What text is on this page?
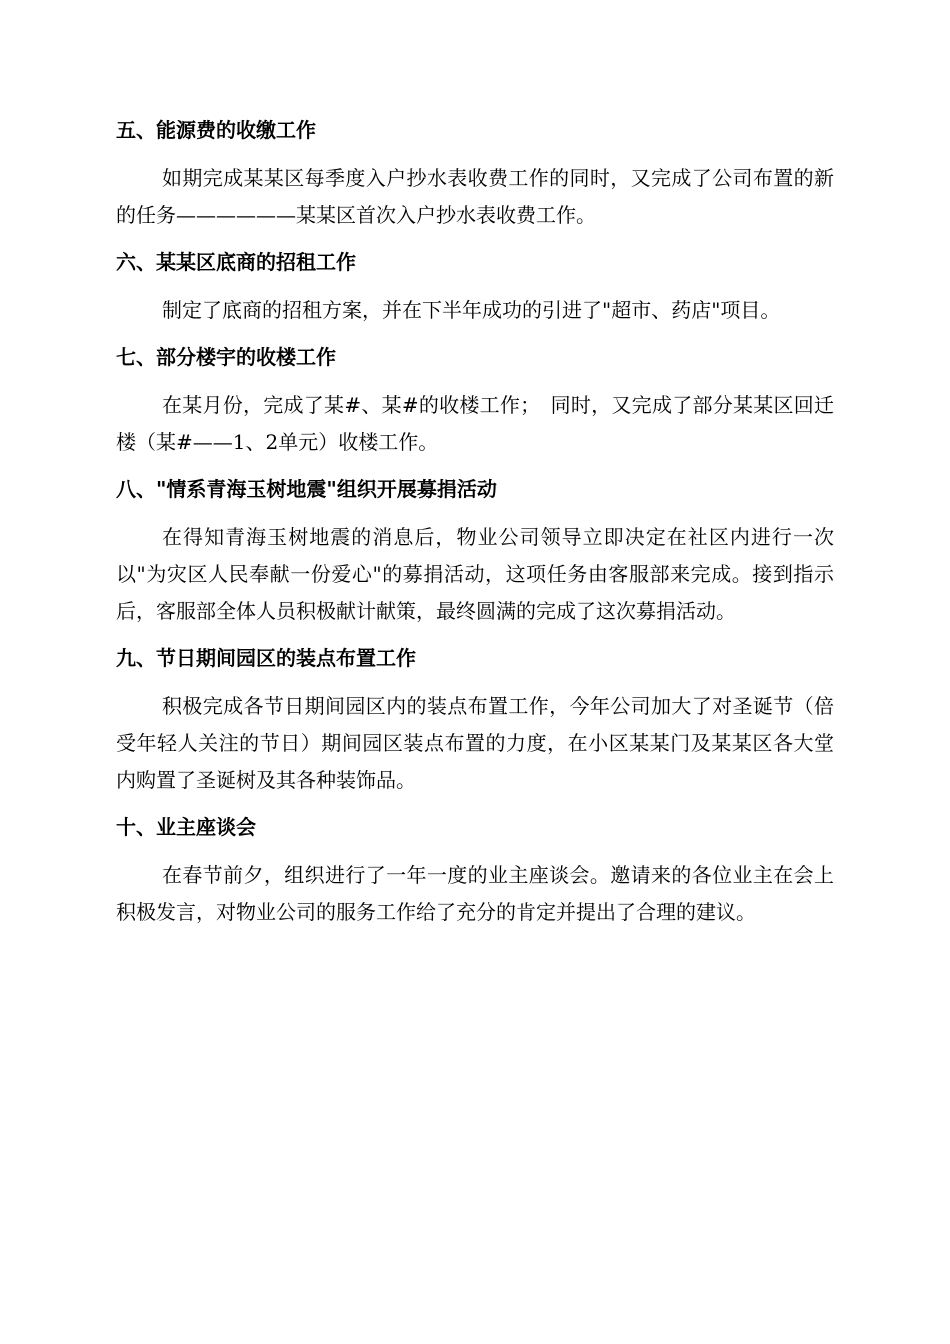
五、能源费的收缴工作

如期完成某某区每季度入户抄水表收费工作的同时，又完成了公司布置的新的任务——————某某区首次入户抄水表收费工作。

六、某某区底商的招租工作

制定了底商的招租方案，并在下半年成功的引进了"超市、药店"项目。

七、部分楼宇的收楼工作

在某月份，完成了某#、某#的收楼工作；　同时，又完成了部分某某区回迁楼（某#——1、2单元）收楼工作。

八、"情系青海玉树地震"组织开展募捐活动

在得知青海玉树地震的消息后，物业公司领导立即决定在社区内进行一次以"为灾区人民奉献一份爱心"的募捐活动，这项任务由客服部来完成。接到指示后，客服部全体人员积极献计献策，最终圆满的完成了这次募捐活动。

九、节日期间园区的装点布置工作

积极完成各节日期间园区内的装点布置工作，今年公司加大了对圣诞节（倍受年轻人关注的节日）期间园区装点布置的力度，在小区某某门及某某区各大堂内购置了圣诞树及其各种装饰品。

十、业主座谈会

在春节前夕，组织进行了一年一度的业主座谈会。邀请来的各位业主在会上积极发言，对物业公司的服务工作给了充分的肯定并提出了合理的建议。
